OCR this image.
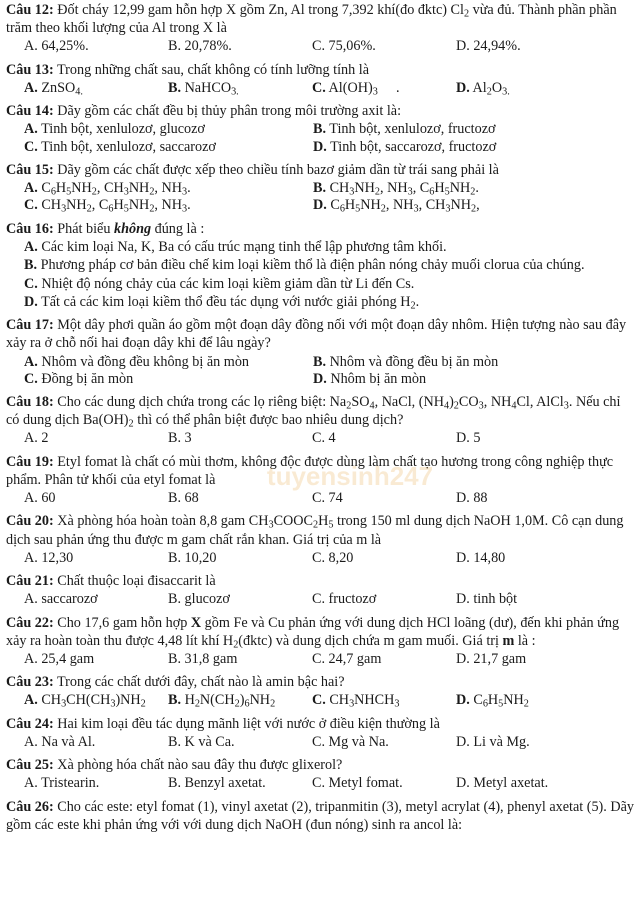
Câu 12: Đốt cháy 12,99 gam hỗn hợp X gồm Zn, Al trong 7,392 khí(đo đktc) $Cl_2$ vừa đủ. Thành phần phần trăm theo khối lượng của Al trong X là
A. 64,25%.	B. 20,78%.	C. 75,06%.	D. 24,94%.
Câu 13: Trong những chất sau, chất không có tính lưỡng tính là
A. ZnSO$_{4.}$	B. NaHCO$_{3.}$	C. $Al(OH)_3$ .	D. $Al_2O_{3.}$
Câu 14: Dãy gồm các chất đều bị thủy phân trong môi trường axit là:
A. Tinh bột, xenlulozơ, glucozơ	B. Tinh bột, xenlulozơ, fructozơ
C. Tinh bột, xenlulozơ, saccarozơ	D. Tinh bột, saccarozơ, fructozơ
Câu 15: Dãy gồm các chất được xếp theo chiều tính bazơ giảm dần từ trái sang phải là
A. $C_6H_5NH_2$, $CH_3NH_2$, $NH_3$.	B. $CH_3NH_2$, $NH_3$, $C_6H_5NH_2$.
C. $CH_3NH_2$, $C_6H_5NH_2$, $NH_3$.	D. $C_6H_5NH_2$, $NH_3$, $CH_3NH_2$,
Câu 16: Phát biểu không đúng là :
A. Các kim loại Na, K, Ba có cấu trúc mạng tinh thể lập phương tâm khối.
B. Phương pháp cơ bản điều chế kim loại kiềm thổ là điện phân nóng chảy muối clorua của chúng.
C. Nhiệt độ nóng chảy của các kim loại kiềm giảm dần từ Li đến Cs.
D. Tất cả các kim loại kiềm thổ đều tác dụng với nước giải phóng $H_2$.
Câu 17: Một dây phơi quần áo gồm một đoạn dây đồng nối với một đoạn dây nhôm. Hiện tượng nào sau đây xảy ra ở chỗ nối hai đoạn dây khi để lâu ngày?
A. Nhôm và đồng đều không bị ăn mòn	B. Nhôm và đồng đều bị ăn mòn
C. Đồng bị ăn mòn	D. Nhôm bị ăn mòn
Câu 18: Cho các dung dịch chứa trong các lọ riêng biệt: $Na_2SO_4$, NaCl, $(NH_4)_2CO_3$, $NH_4Cl$, AlCl$_3$. Nếu chỉ có dung dịch $Ba(OH)_2$ thì có thể phân biệt được bao nhiêu dung dịch?
A. 2	B. 3	C. 4	D. 5
Câu 19: Etyl fomat là chất có mùi thơm, không độc được dùng làm chất tạo hương trong công nghiệp thực phẩm. Phân tử khối của etyl fomat là
A. 60	B. 68	C. 74	D. 88
Câu 20: Xà phòng hóa hoàn toàn 8,8 gam $CH_3COOC_2H_5$ trong 150 ml dung dịch NaOH 1,0M. Cô cạn dung dịch sau phản ứng thu được m gam chất rắn khan. Giá trị của m là
A. 12,30	B. 10,20	C. 8,20	D. 14,80
Câu 21: Chất thuộc loại đisaccarit là
A. saccarozơ	B. glucozơ	C. fructozơ	D. tinh bột
Câu 22: Cho 17,6 gam hỗn hợp X gồm Fe và Cu phản ứng với dung dịch HCl loãng (dư), đến khi phản ứng xảy ra hoàn toàn thu được 4,48 lít khí $H_2(đktc)$ và dung dịch chứa m gam muối. Giá trị m là :
A. 25,4 gam	B. 31,8 gam	C. 24,7 gam	D. 21,7 gam
Câu 23: Trong các chất dưới đây, chất nào là amin bậc hai?
A. $CH_3CH(CH_3)NH_2$	B. $H_2N(CH_2)_6NH_2$	C. $CH_3NHCH_3$	D. $C_6H_5NH_2$
Câu 24: Hai kim loại đều tác dụng mãnh liệt với nước ở điều kiện thường là
A. Na và Al.	B. K và Ca.	C. Mg và Na.	D. Li và Mg.
Câu 25: Xà phòng hóa chất nào sau đây thu được glixerol?
A. Tristearin.	B. Benzyl axetat.	C. Metyl fomat.	D. Metyl axetat.
Câu 26: Cho các este: etyl fomat (1), vinyl axetat (2), tripanmitin (3), metyl acrylat (4), phenyl axetat (5). Dãy gồm các este khi phản ứng với với dung dịch NaOH (đun nóng) sinh ra ancol là:
tuyensinh247
